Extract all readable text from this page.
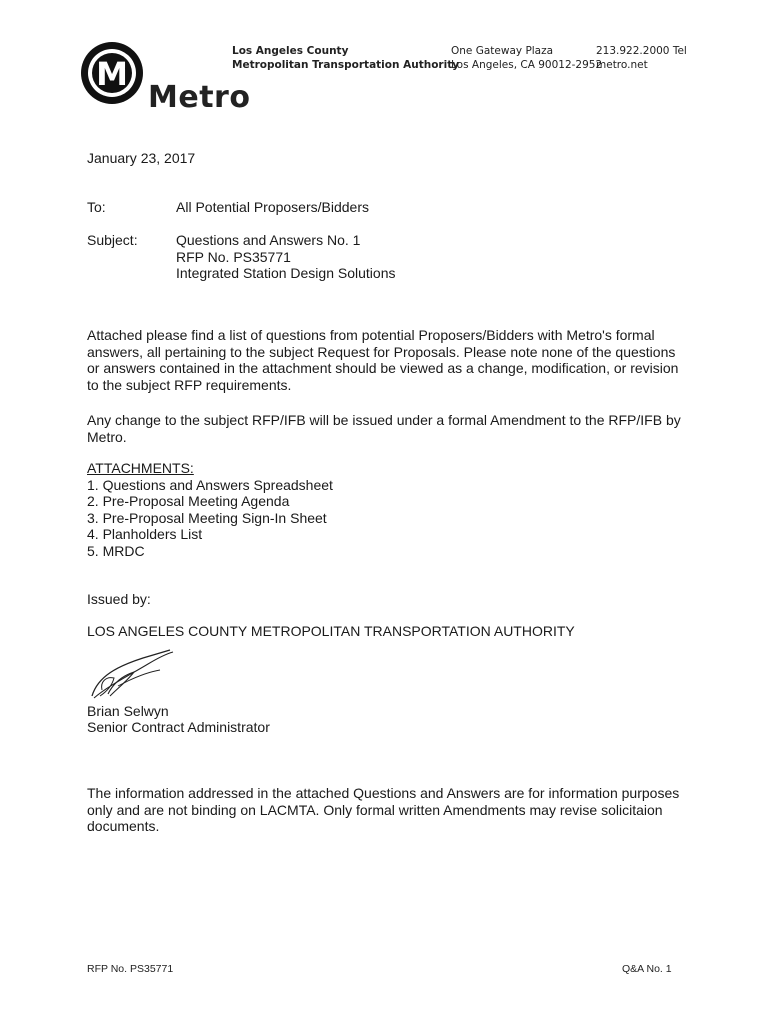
M
Metro
Los Angeles County
Metropolitan Transportation Authority
One Gateway Plaza
Los Angeles, CA 90012-2952
213.922.2000 Tel
metro.net
January 23, 2017
To:	All Potential Proposers/Bidders
Subject:	Questions and Answers No. 1
RFP No. PS35771
Integrated Station Design Solutions
Attached please find a list of questions from potential Proposers/Bidders with Metro's formal answers, all pertaining to the subject Request for Proposals. Please note none of the questions or answers contained in the attachment should be viewed as a change, modification, or revision to the subject RFP requirements.
Any change to the subject RFP/IFB will be issued under a formal Amendment to the RFP/IFB by Metro.
ATTACHMENTS:
1. Questions and Answers Spreadsheet
2. Pre-Proposal Meeting Agenda
3. Pre-Proposal Meeting Sign-In Sheet
4. Planholders List
5. MRDC
Issued by:
LOS ANGELES COUNTY METROPOLITAN TRANSPORTATION AUTHORITY
Brian Selwyn
Senior Contract Administrator
The information addressed in the attached Questions and Answers are for information purposes only and are not binding on LACMTA. Only formal written Amendments may revise solicitaion documents.
RFP No. PS35771	Q&A No. 1
